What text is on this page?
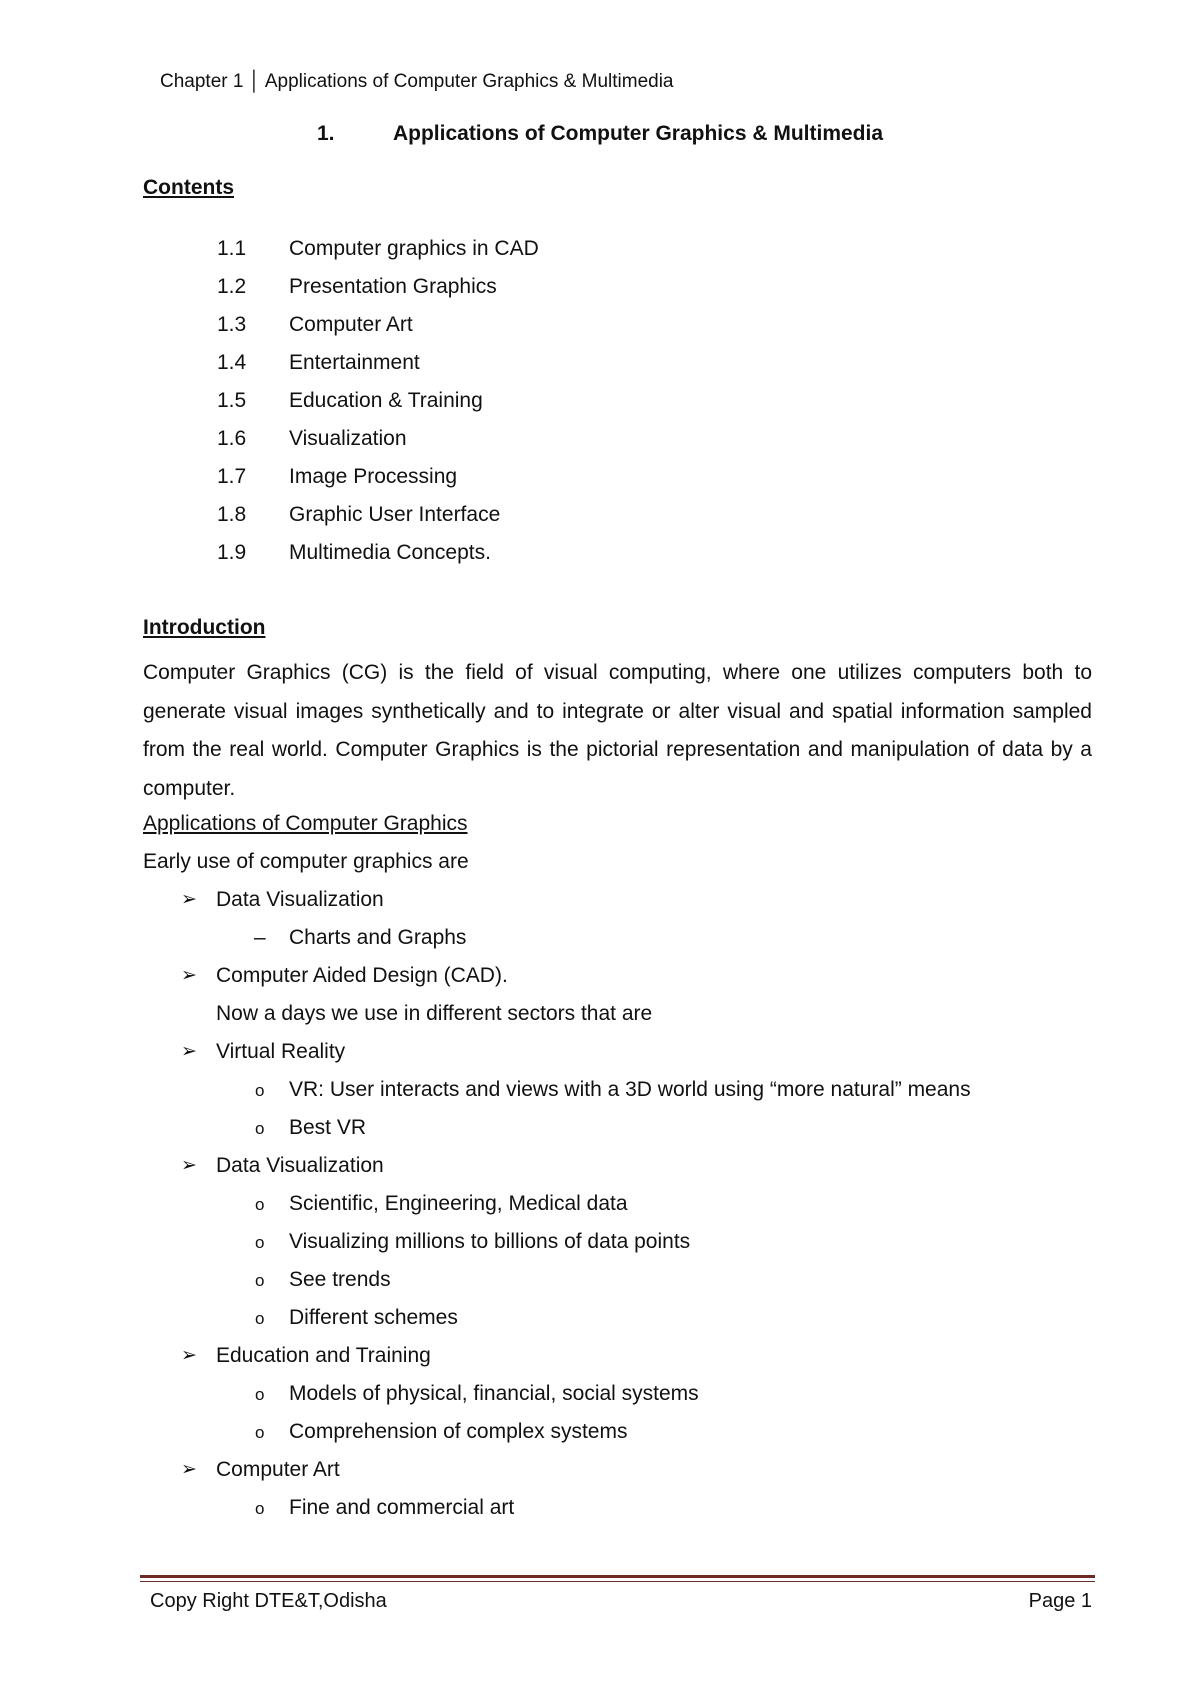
Chapter 1 │ Applications of Computer Graphics & Multimedia
1.	Applications of Computer Graphics & Multimedia
Contents
1.1 Computer graphics in CAD
1.2 Presentation Graphics
1.3 Computer Art
1.4 Entertainment
1.5 Education & Training
1.6 Visualization
1.7 Image Processing
1.8 Graphic User Interface
1.9 Multimedia Concepts.
Introduction
Computer Graphics (CG) is the field of visual computing, where one utilizes computers both to generate visual images synthetically and to integrate or alter visual and spatial information sampled from the real world. Computer Graphics is the pictorial representation and manipulation of data by a computer.
Applications of Computer Graphics
Early use of computer graphics are
➢ Data Visualization
– Charts and Graphs
➢ Computer Aided Design (CAD).
Now a days we use in different sectors that are
➢ Virtual Reality
o VR: User interacts and views with a 3D world using “more natural” means
o Best VR
➢ Data Visualization
o Scientific, Engineering, Medical data
o Visualizing millions to billions of data points
o See trends
o Different schemes
➢ Education and Training
o Models of physical, financial, social systems
o Comprehension of complex systems
➢ Computer Art
o Fine and commercial art
Copy Right DTE&T,Odisha	Page 1
